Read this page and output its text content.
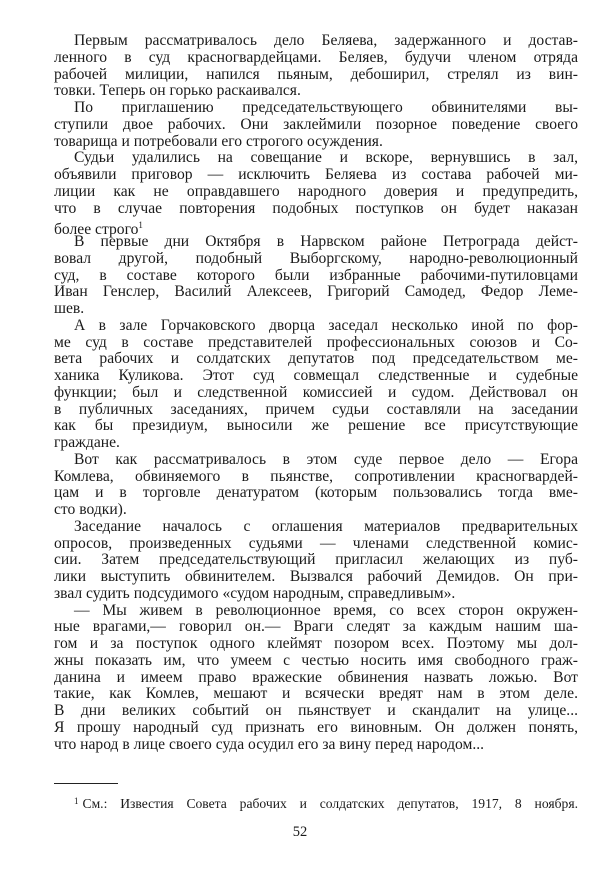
Первым рассматривалось дело Беляева, задержанного и достав-
ленного в суд красногвардейцами. Беляев, будучи членом отряда
рабочей милиции, напился пьяным, дебоширил, стрелял из вин-
товки. Теперь он горько раскаивался.
По приглашению председательствующего обвинителями вы-
ступили двое рабочих. Они заклеймили позорное поведение своего
товарища и потребовали его строгого осуждения.
Судьи удалились на совещание и вскоре, вернувшись в зал,
объявили приговор — исключить Беляева из состава рабочей ми-
лиции как не оправдавшего народного доверия и предупредить,
что в случае повторения подобных поступков он будет наказан
более строго$^1$
В первые дни Октября в Нарвском районе Петрограда дейст-
вовал другой, подобный Выборгскому, народно-революционный
суд, в составе которого были избранные рабочими-путиловцами
Иван Генслер, Василий Алексеев, Григорий Самодед, Федор Леме-
шев.
А в зале Горчаковского дворца заседал несколько иной по фор-
ме суд в составе представителей профессиональных союзов и Со-
вета рабочих и солдатских депутатов под председательством ме-
ханика Куликова. Этот суд совмещал следственные и судебные
функции; был и следственной комиссией и судом. Действовал он
в публичных заседаниях, причем судьи составляли на заседании
как бы президиум, выносили же решение все присутствующие
граждане.
Вот как рассматривалось в этом суде первое дело — Егора
Комлева, обвиняемого в пьянстве, сопротивлении красногвардей-
цам и в торговле денатуратом (которым пользовались тогда вме-
сто водки).
Заседание началось с оглашения материалов предварительных
опросов, произведенных судьями — членами следственной комис-
сии. Затем председательствующий пригласил желающих из пуб-
лики выступить обвинителем. Вызвался рабочий Демидов. Он при-
звал судить подсудимого «судом народным, справедливым».
— Мы живем в революционное время, со всех сторон окружен-
ные врагами,— говорил он.— Враги следят за каждым нашим ша-
гом и за поступок одного клеймят позором всех. Поэтому мы дол-
жны показать им, что умеем с честью носить имя свободного граж-
данина и имеем право вражеские обвинения назвать ложью. Вот
такие, как Комлев, мешают и всячески вредят нам в этом деле.
В дни великих событий он пьянствует и скандалит на улице...
Я прошу народный суд признать его виновным. Он должен понять,
что народ в лице своего суда осудил его за вину перед народом...
$^1$ См.: Известия Совета рабочих и солдатских депутатов, 1917, 8 ноября.
52
